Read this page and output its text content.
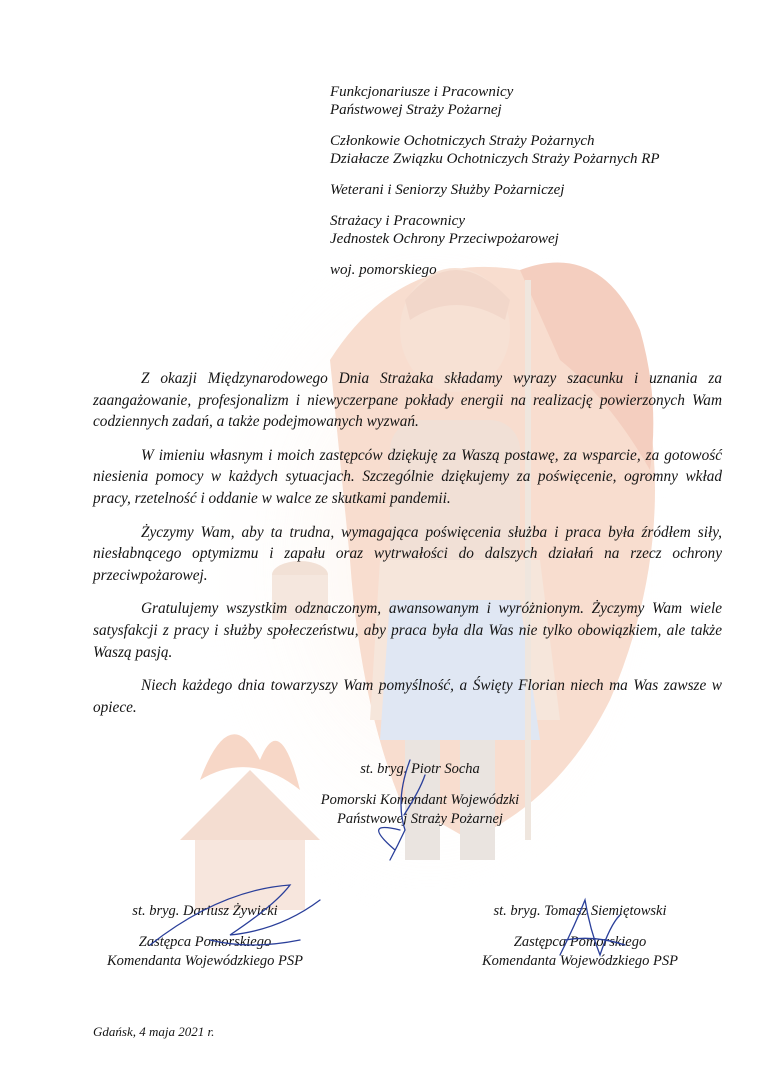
Funkcjonariusze i Pracownicy
Państwowej Straży Pożarnej
Członkowie Ochotniczych Straży Pożarnych
Działacze Związku Ochotniczych Straży Pożarnych RP
Weterani i Seniorzy Służby Pożarniczej
Strażacy i Pracownicy
Jednostek Ochrony Przeciwpożarowej
woj. pomorskiego

Z okazji Międzynarodowego Dnia Strażaka składamy wyrazy szacunku i uznania za zaangażowanie, profesjonalizm i niewyczerpane pokłady energii na realizację powierzonych Wam codziennych zadań, a także podejmowanych wyzwań.

W imieniu własnym i moich zastępców dziękuję za Waszą postawę, za wsparcie, za gotowość niesienia pomocy w każdych sytuacjach. Szczególnie dziękujemy za poświęcenie, ogromny wkład pracy, rzetelność i oddanie w walce ze skutkami pandemii.

Życzymy Wam, aby ta trudna, wymagająca poświęcenia służba i praca była źródłem siły, niesłabnącego optymizmu i zapału oraz wytrwałości do dalszych działań na rzecz ochrony przeciwpożarowej.

Gratulujemy wszystkim odznaczonym, awansowanym i wyróżnionym. Życzymy Wam wiele satysfakcji z pracy i służby społeczeństwu, aby praca była dla Was nie tylko obowiązkiem, ale także Waszą pasją.

Niech każdego dnia towarzyszy Wam pomyślność, a Święty Florian niech ma Was zawsze w opiece.

st. bryg. Piotr Socha
Pomorski Komendant Wojewódzki
Państwowej Straży Pożarnej
st. bryg. Dariusz Żywicki
Zastępca Pomorskiego
Komendanta Wojewódzkiego PSP
st. bryg. Tomasz Siemiętowski
Zastępca Pomorskiego
Komendanta Wojewódzkiego PSP
Gdańsk, 4 maja 2021 r.
